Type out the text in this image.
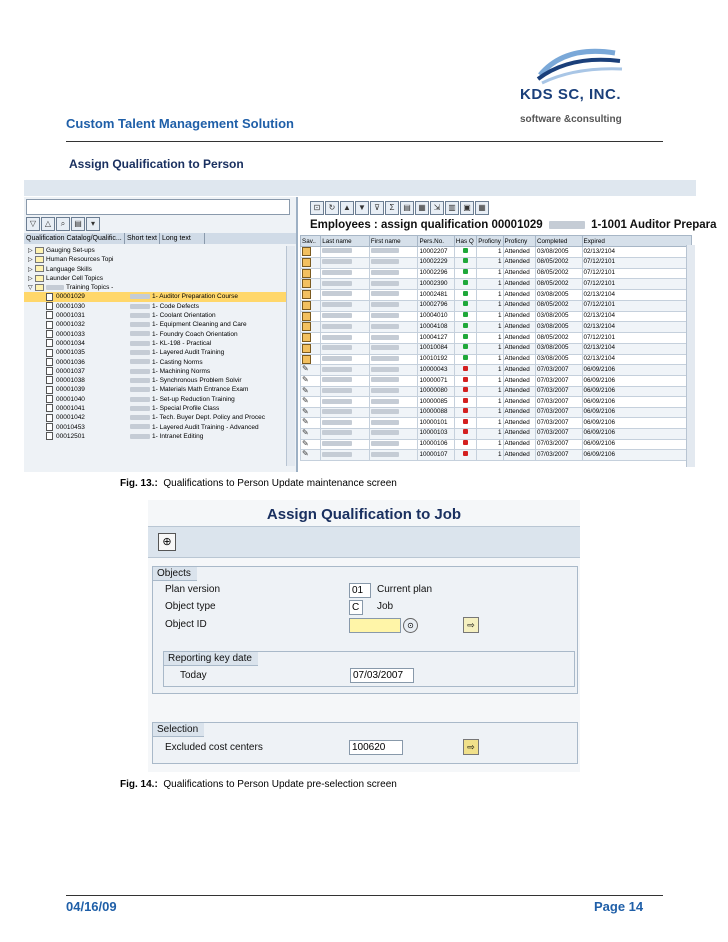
KDS SC, INC.
software &consulting
Custom Talent Management Solution
Assign Qualification to Person
▽ △ ⌕ ▤ ▾
Qualification Catalog/Qualific... Short text Long text
▷ Gauging Set-ups
▷ Human Resources Topi
▷ Language Skills
▷ Launder Cell Topics
▽	Training Topics -
00001029	1- Auditor Preparation Course
00001030	1- Code Defects
00001031	1- Coolant Orientation
00001032	1- Equipment Cleaning and Care
00001033	1- Foundry Coach Orientation
00001034	1- KL-198 - Practical
00001035	1- Layered Audit Training
00001036	1- Casting Norms
00001037	1- Machining Norms
00001038	1- Synchronous Problem Solvir
00001039	1- Materials Math Entrance Exam
00001040	1- Set-up Reduction Training
00001041	1- Special Profile Class
00001042	1- Tech. Buyer Dept. Policy and Procec
00010453	1- Layered Audit Training - Advanced
00012501	1- Intranet Editing
⊡ ↻ ▲ ▼ ⊽ Σ ▤ ▦ ⇲ ▥ ▣ ▦
Employees : assign qualification 00001029	1-1001 Auditor Prepara
Sav..	Last name	First name	Pers.No.	Has Q	Proficny	Proficny	Completed	Expired
			10002207		1	Attended	03/08/2005	02/13/2104
			10002229		1	Attended	08/05/2002	07/12/2101
			10002296		1	Attended	08/05/2002	07/12/2101
			10002390		1	Attended	08/05/2002	07/12/2101
			10002481		1	Attended	03/08/2005	02/13/2104
			10002796		1	Attended	08/05/2002	07/12/2101
			10004010		1	Attended	03/08/2005	02/13/2104
			10004108		1	Attended	03/08/2005	02/13/2104
			10004127		1	Attended	08/05/2002	07/12/2101
			10010084		1	Attended	03/08/2005	02/13/2104
			10010192		1	Attended	03/08/2005	02/13/2104
✎			10000043		1	Attended	07/03/2007	06/09/2106
✎			10000071		1	Attended	07/03/2007	06/09/2106
✎			10000080		1	Attended	07/03/2007	06/09/2106
✎			10000085		1	Attended	07/03/2007	06/09/2106
✎			10000088		1	Attended	07/03/2007	06/09/2106
✎			10000101		1	Attended	07/03/2007	06/09/2106
✎			10000103		1	Attended	07/03/2007	06/09/2106
✎			10000106		1	Attended	07/03/2007	06/09/2106
✎			10000107		1	Attended	07/03/2007	06/09/2106
Fig. 13.: Qualifications to Person Update maintenance screen
Assign Qualification to Job
⊕
Objects
Plan version	01	Current plan
Object type	C	Job
Object ID	⊙	⇨
Reporting key date
Today	07/03/2007
Selection
Excluded cost centers	100620	⇨
Fig. 14.: Qualifications to Person Update pre-selection screen
04/16/09	Page 14
